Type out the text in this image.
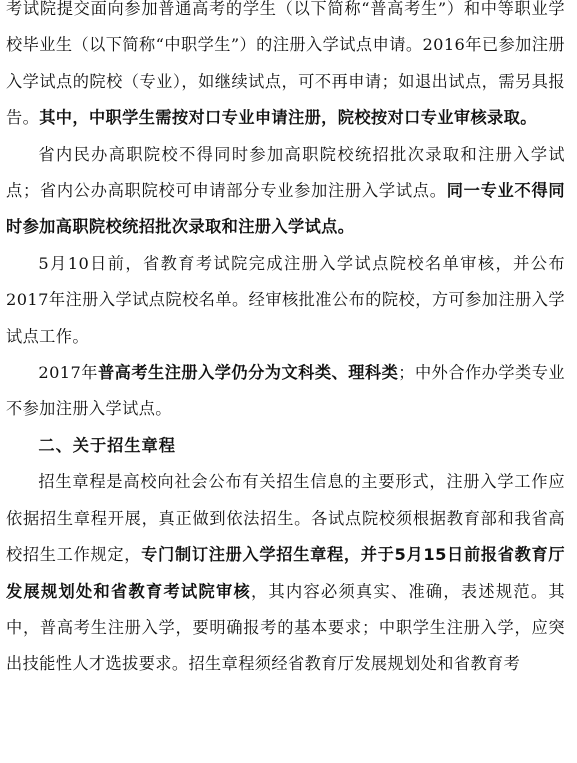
考试院提交面向参加普通高考的学生（以下简称“普高考生”）和中等职业学校毕业生（以下简称“中职学生”）的注册入学试点申请。2016年已参加注册入学试点的院校（专业），如继续试点，可不再申请；如退出试点，需另具报告。其中，中职学生需按对口专业申请注册，院校按对口专业审核录取。

省内民办高职院校不得同时参加高职院校统招批次录取和注册入学试点；省内公办高职院校可申请部分专业参加注册入学试点。同一专业不得同时参加高职院校统招批次录取和注册入学试点。

5月10日前，省教育考试院完成注册入学试点院校名单审核，并公布2017年注册入学试点院校名单。经审核批准公布的院校，方可参加注册入学试点工作。

2017年普高考生注册入学仍分为文科类、理科类；中外合作办学类专业不参加注册入学试点。

二、关于招生章程

招生章程是高校向社会公布有关招生信息的主要形式，注册入学工作应依据招生章程开展，真正做到依法招生。各试点院校须根据教育部和我省高校招生工作规定，专门制订注册入学招生章程，并于5月15日前报省教育厅发展规划处和省教育考试院审核，其内容必须真实、准确，表述规范。其中，普高考生注册入学，要明确报考的基本要求；中职学生注册入学，应突出技能性人才选拔要求。招生章程须经省教育厅发展规划处和省教育考
